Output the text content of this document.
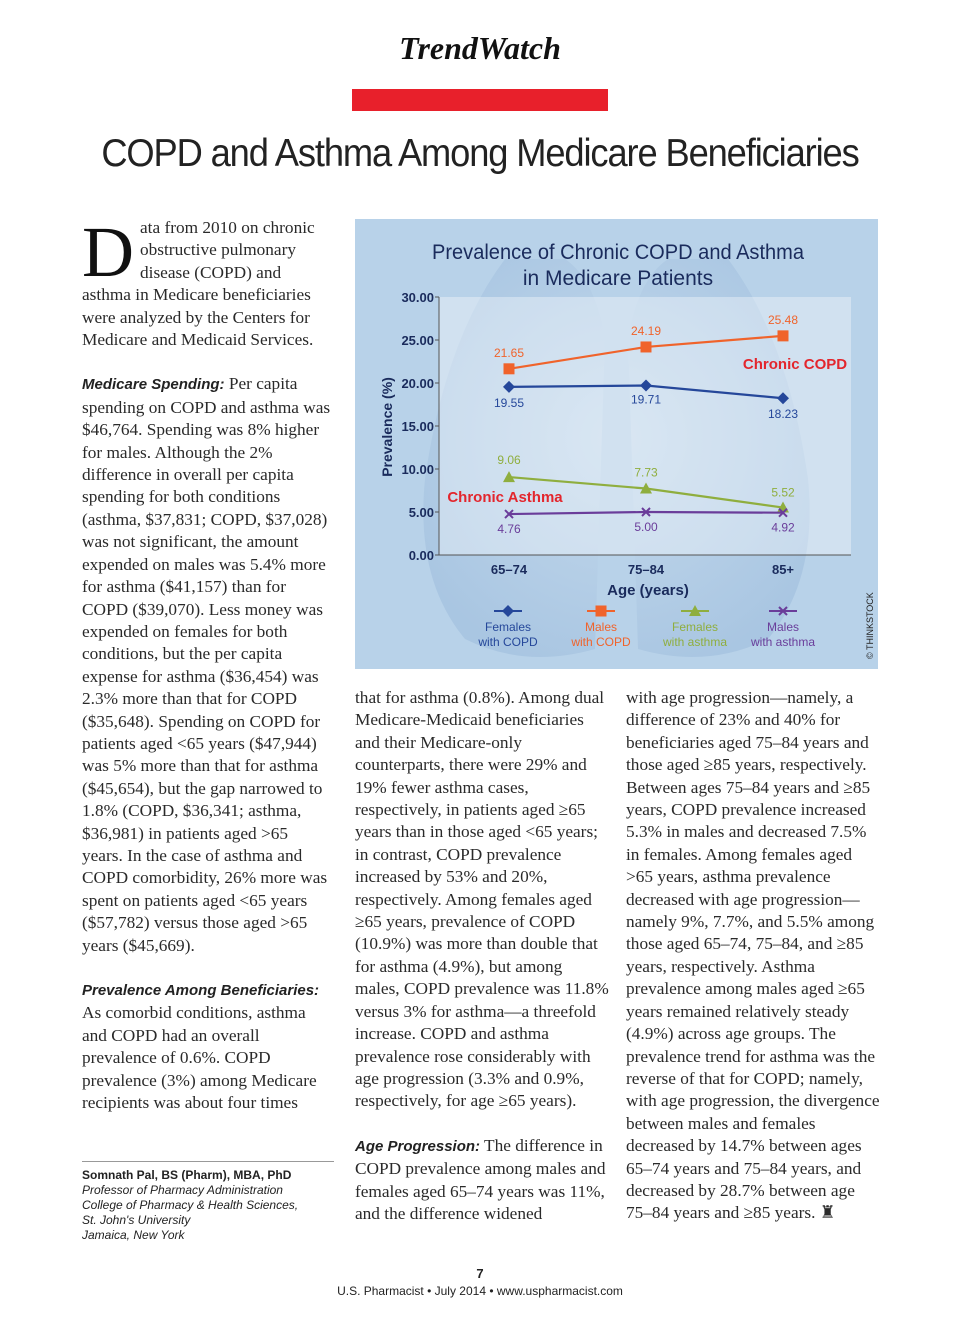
TrendWatch
COPD and Asthma Among Medicare Beneficiaries

Data from 2010 on chronic obstructive pulmonary disease (COPD) and asthma in Medicare beneficiaries were analyzed by the Centers for Medicare and Medicaid Services.

Medicare Spending: Per capita spending on COPD and asthma was $46,764. Spending was 8% higher for males. Although the 2% difference in overall per capita spending for both conditions (asthma, $37,831; COPD, $37,028) was not significant, the amount expended on males was 5.4% more for asthma ($41,157) than for COPD ($39,070). Less money was expended on females for both conditions, but the per capita expense for asthma ($36,454) was 2.3% more than that for COPD ($35,648). Spending on COPD for patients aged <65 years ($47,944) was 5% more than that for asthma ($45,654), but the gap narrowed to 1.8% (COPD, $36,341; asthma, $36,981) in patients aged >65 years. In the case of asthma and COPD comorbidity, 26% more was spent on patients aged <65 years ($57,782) versus those aged >65 years ($45,669).

Prevalence Among Beneficiaries:
As comorbid conditions, asthma and COPD had an overall prevalence of 0.6%. COPD prevalence (3%) among Medicare recipients was about four times

Somnath Pal, BS (Pharm), MBA, PhD
Professor of Pharmacy Administration
College of Pharmacy & Health Sciences,
St. John's University
Jamaica, New York
Prevalence of Chronic COPD and Asthma
in Medicare Patients
Prevalence (%)
Age (years)
Chronic COPD
Chronic Asthma
© THINKSTOCK
0.00
5.00
10.00
15.00
20.00
25.00
30.00
65–74	75–84	85+
19.55	19.71
18.23
21.65
24.19
25.48
9.06
7.73
5.52
4.76	5.00	4.92
Females
with COPD
Males
with COPD
Females
with asthma
Males
with asthma

that for asthma (0.8%). Among dual Medicare-Medicaid beneficiaries and their Medicare-only counterparts, there were 29% and 19% fewer asthma cases, respectively, in patients aged ≥65 years than in those aged <65 years; in contrast, COPD prevalence increased by 53% and 20%, respectively. Among females aged ≥65 years, prevalence of COPD (10.9%) was more than double that for asthma (4.9%), but among males, COPD prevalence was 11.8% versus 3% for asthma—a threefold increase. COPD and asthma prevalence rose considerably with age progression (3.3% and 0.9%, respectively, for age ≥65 years).

Age Progression: The difference in COPD prevalence among males and females aged 65–74 years was 11%, and the difference widened

with age progression—namely, a difference of 23% and 40% for beneficiaries aged 75–84 years and those aged ≥85 years, respectively. Between ages 75–84 years and ≥85 years, COPD prevalence increased 5.3% in males and decreased 7.5% in females. Among females aged >65 years, asthma prevalence decreased with age progression—namely 9%, 7.7%, and 5.5% among those aged 65–74, 75–84, and ≥85 years, respectively. Asthma prevalence among males aged ≥65 years remained relatively steady (4.9%) across age groups. The prevalence trend for asthma was the reverse of that for COPD; namely, with age progression, the divergence between males and females decreased by 14.7% between ages 65–74 years and 75–84 years, and decreased by 28.7% between age 75–84 years and ≥85 years. ♜

7
U.S. Pharmacist • July 2014 • www.uspharmacist.com
